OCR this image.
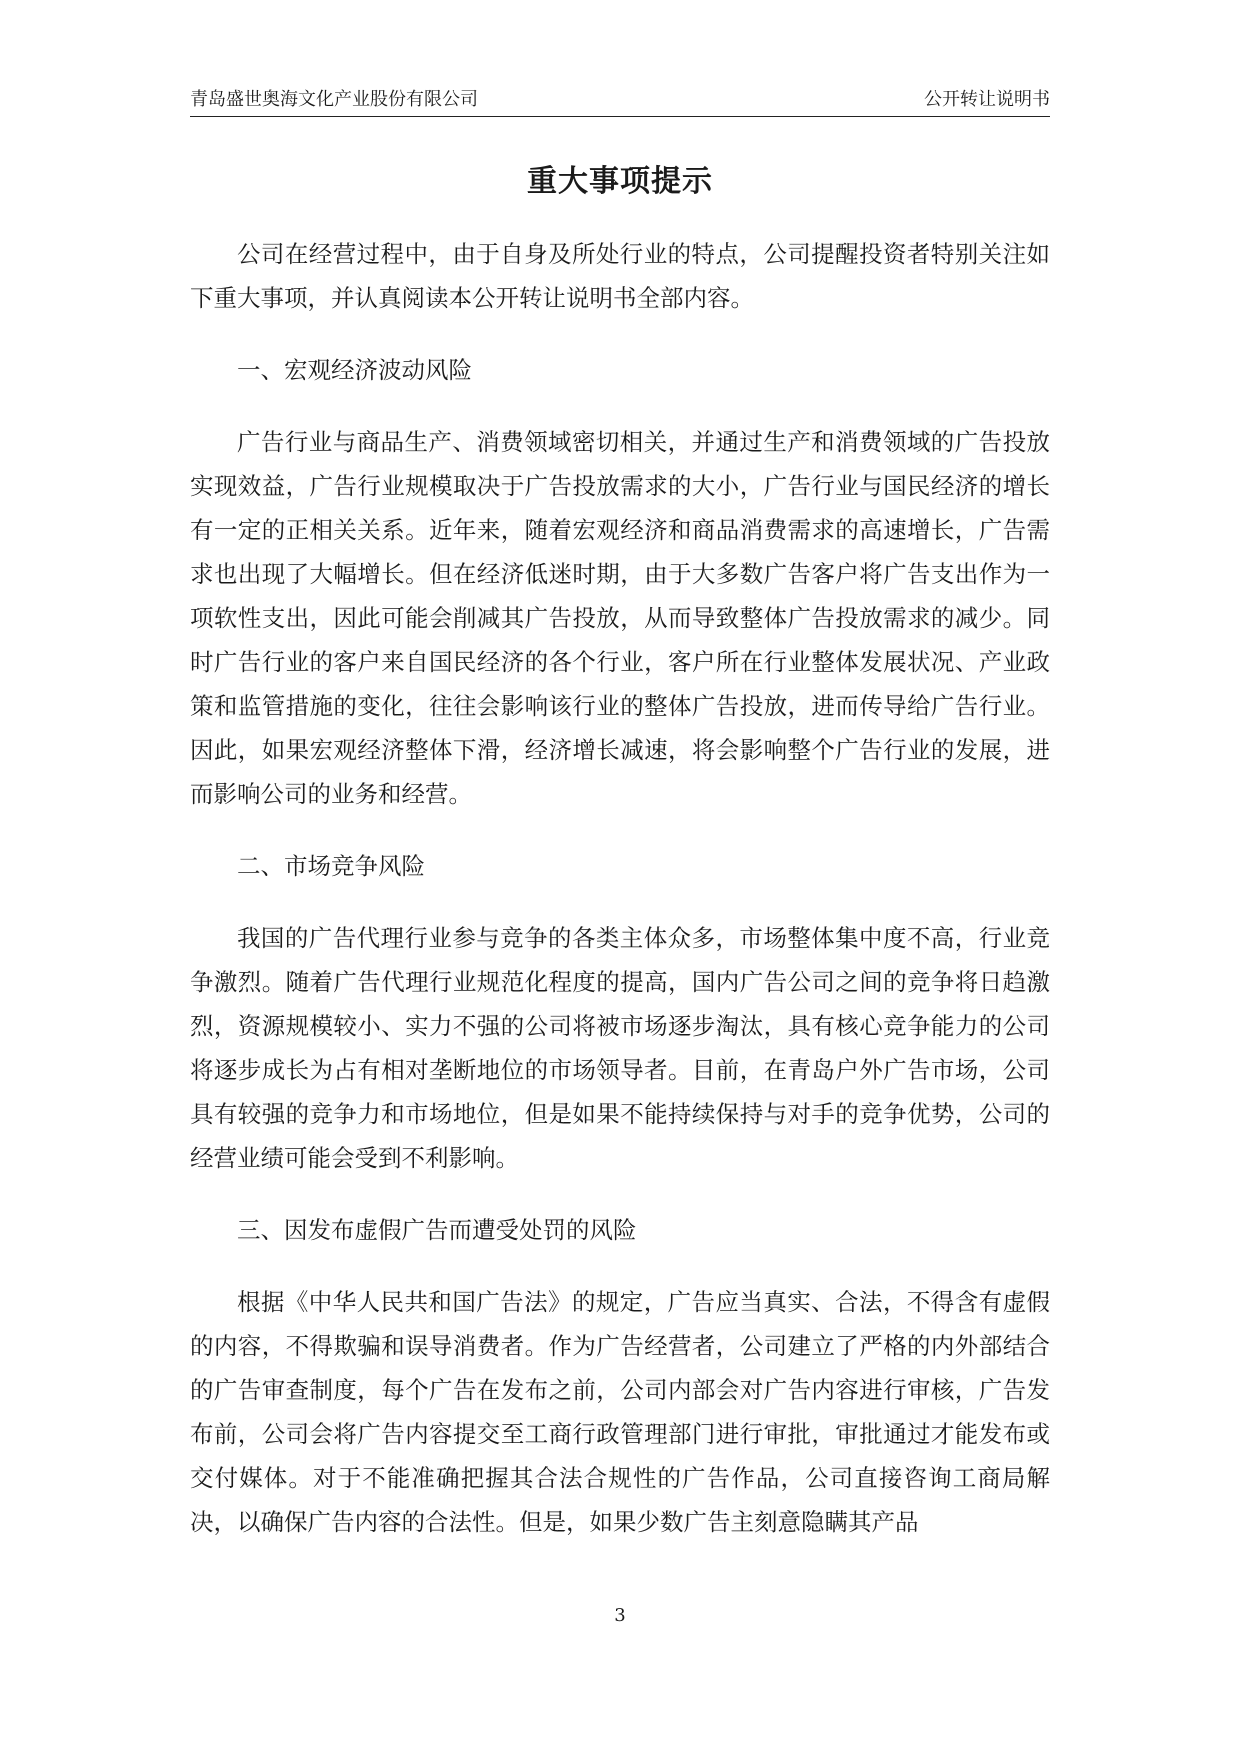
青岛盛世奥海文化产业股份有限公司	公开转让说明书
重大事项提示

公司在经营过程中，由于自身及所处行业的特点，公司提醒投资者特别关注如下重大事项，并认真阅读本公开转让说明书全部内容。

一、宏观经济波动风险

广告行业与商品生产、消费领域密切相关，并通过生产和消费领域的广告投放实现效益，广告行业规模取决于广告投放需求的大小，广告行业与国民经济的增长有一定的正相关关系。近年来，随着宏观经济和商品消费需求的高速增长，广告需求也出现了大幅增长。但在经济低迷时期，由于大多数广告客户将广告支出作为一项软性支出，因此可能会削减其广告投放，从而导致整体广告投放需求的减少。同时广告行业的客户来自国民经济的各个行业，客户所在行业整体发展状况、产业政策和监管措施的变化，往往会影响该行业的整体广告投放，进而传导给广告行业。因此，如果宏观经济整体下滑，经济增长减速，将会影响整个广告行业的发展，进而影响公司的业务和经营。

二、市场竞争风险

我国的广告代理行业参与竞争的各类主体众多，市场整体集中度不高，行业竞争激烈。随着广告代理行业规范化程度的提高，国内广告公司之间的竞争将日趋激烈，资源规模较小、实力不强的公司将被市场逐步淘汰，具有核心竞争能力的公司将逐步成长为占有相对垄断地位的市场领导者。目前，在青岛户外广告市场，公司具有较强的竞争力和市场地位，但是如果不能持续保持与对手的竞争优势，公司的经营业绩可能会受到不利影响。

三、因发布虚假广告而遭受处罚的风险

根据《中华人民共和国广告法》的规定，广告应当真实、合法，不得含有虚假的内容，不得欺骗和误导消费者。作为广告经营者，公司建立了严格的内外部结合的广告审查制度，每个广告在发布之前，公司内部会对广告内容进行审核，广告发布前，公司会将广告内容提交至工商行政管理部门进行审批，审批通过才能发布或交付媒体。对于不能准确把握其合法合规性的广告作品，公司直接咨询工商局解决，以确保广告内容的合法性。但是，如果少数广告主刻意隐瞒其产品

3
